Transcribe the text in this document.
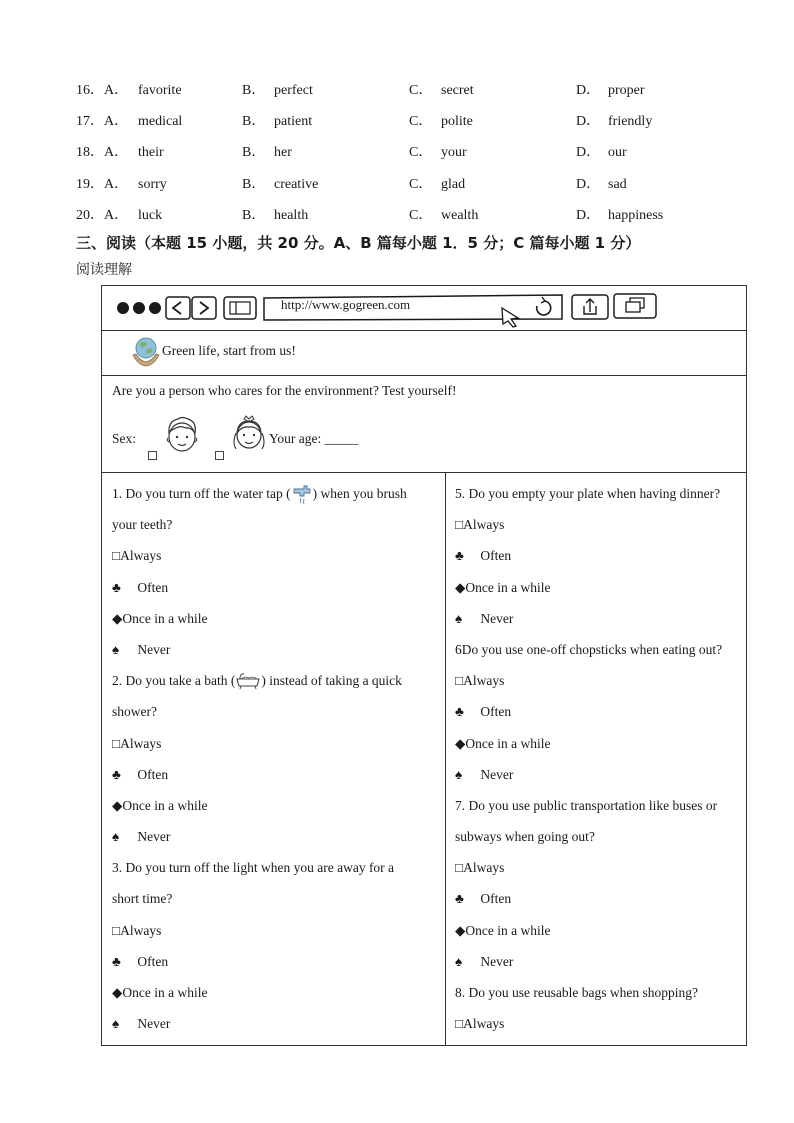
16． A． favorite	B． perfect	C． secret	D． proper
17． A． medical	B． patient	C． polite	D． friendly
18． A． their	B． her	C． your	D． our
19． A． sorry	B． creative	C． glad	D． sad
20． A． luck	B． health	C． wealth	D． happiness
三、阅读（本题 15 小题，共 20 分。A、B 篇每小题 1．5 分；C 篇每小题 1 分）
阅读理解
http://www.gogreen.com
Green life, start from us!
Are you a person who cares for the environment? Test yourself!
Sex:	Your age: _____
1. Do you turn off the water tap ( ) when you brush
your teeth?
□Always
♣ Often
◆Once in a while
♠ Never
2. Do you take a bath ( ) instead of taking a quick
shower?
□Always
♣ Often
◆Once in a while
♠ Never
3. Do you turn off the light when you are away for a
short time?
□Always
♣ Often
◆Once in a while
♠ Never
5. Do you empty your plate when having dinner?
□Always
♣ Often
◆Once in a while
♠ Never
6Do you use one-off chopsticks when eating out?
□Always
♣ Often
◆Once in a while
♠ Never
7. Do you use public transportation like buses or
subways when going out?
□Always
♣ Often
◆Once in a while
♠ Never
8. Do you use reusable bags when shopping?
□Always
